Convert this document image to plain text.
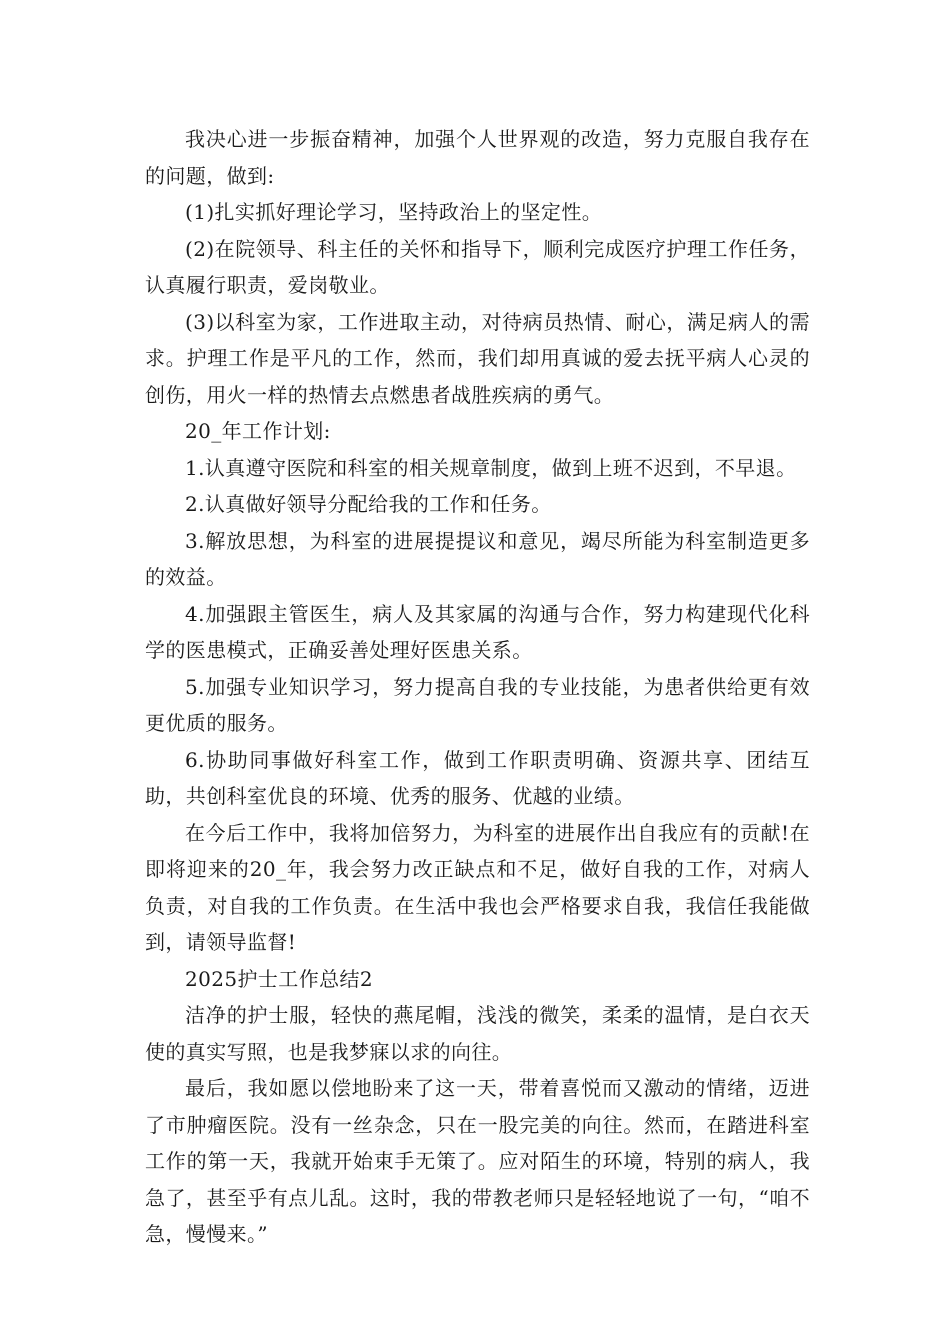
我决心进一步振奋精神，加强个人世界观的改造，努力克服自我存在的问题，做到:

(1)扎实抓好理论学习，坚持政治上的坚定性。

(2)在院领导、科主任的关怀和指导下，顺利完成医疗护理工作任务，认真履行职责，爱岗敬业。

(3)以科室为家，工作进取主动，对待病员热情、耐心，满足病人的需求。护理工作是平凡的工作，然而，我们却用真诚的爱去抚平病人心灵的创伤，用火一样的热情去点燃患者战胜疾病的勇气。

20_年工作计划:

1.认真遵守医院和科室的相关规章制度，做到上班不迟到，不早退。

2.认真做好领导分配给我的工作和任务。

3.解放思想，为科室的进展提提议和意见，竭尽所能为科室制造更多的效益。

4.加强跟主管医生，病人及其家属的沟通与合作，努力构建现代化科学的医患模式，正确妥善处理好医患关系。

5.加强专业知识学习，努力提高自我的专业技能，为患者供给更有效更优质的服务。

6.协助同事做好科室工作，做到工作职责明确、资源共享、团结互助，共创科室优良的环境、优秀的服务、优越的业绩。

在今后工作中，我将加倍努力，为科室的进展作出自我应有的贡献!在即将迎来的20_年，我会努力改正缺点和不足，做好自我的工作，对病人负责，对自我的工作负责。在生活中我也会严格要求自我，我信任我能做到，请领导监督!

2025护士工作总结2

洁净的护士服，轻快的燕尾帽，浅浅的微笑，柔柔的温情，是白衣天使的真实写照，也是我梦寐以求的向往。

最后，我如愿以偿地盼来了这一天，带着喜悦而又激动的情绪，迈进了市肿瘤医院。没有一丝杂念，只在一股完美的向往。然而，在踏进科室工作的第一天，我就开始束手无策了。应对陌生的环境，特别的病人，我急了，甚至乎有点儿乱。这时，我的带教老师只是轻轻地说了一句，“咱不急，慢慢来。”
